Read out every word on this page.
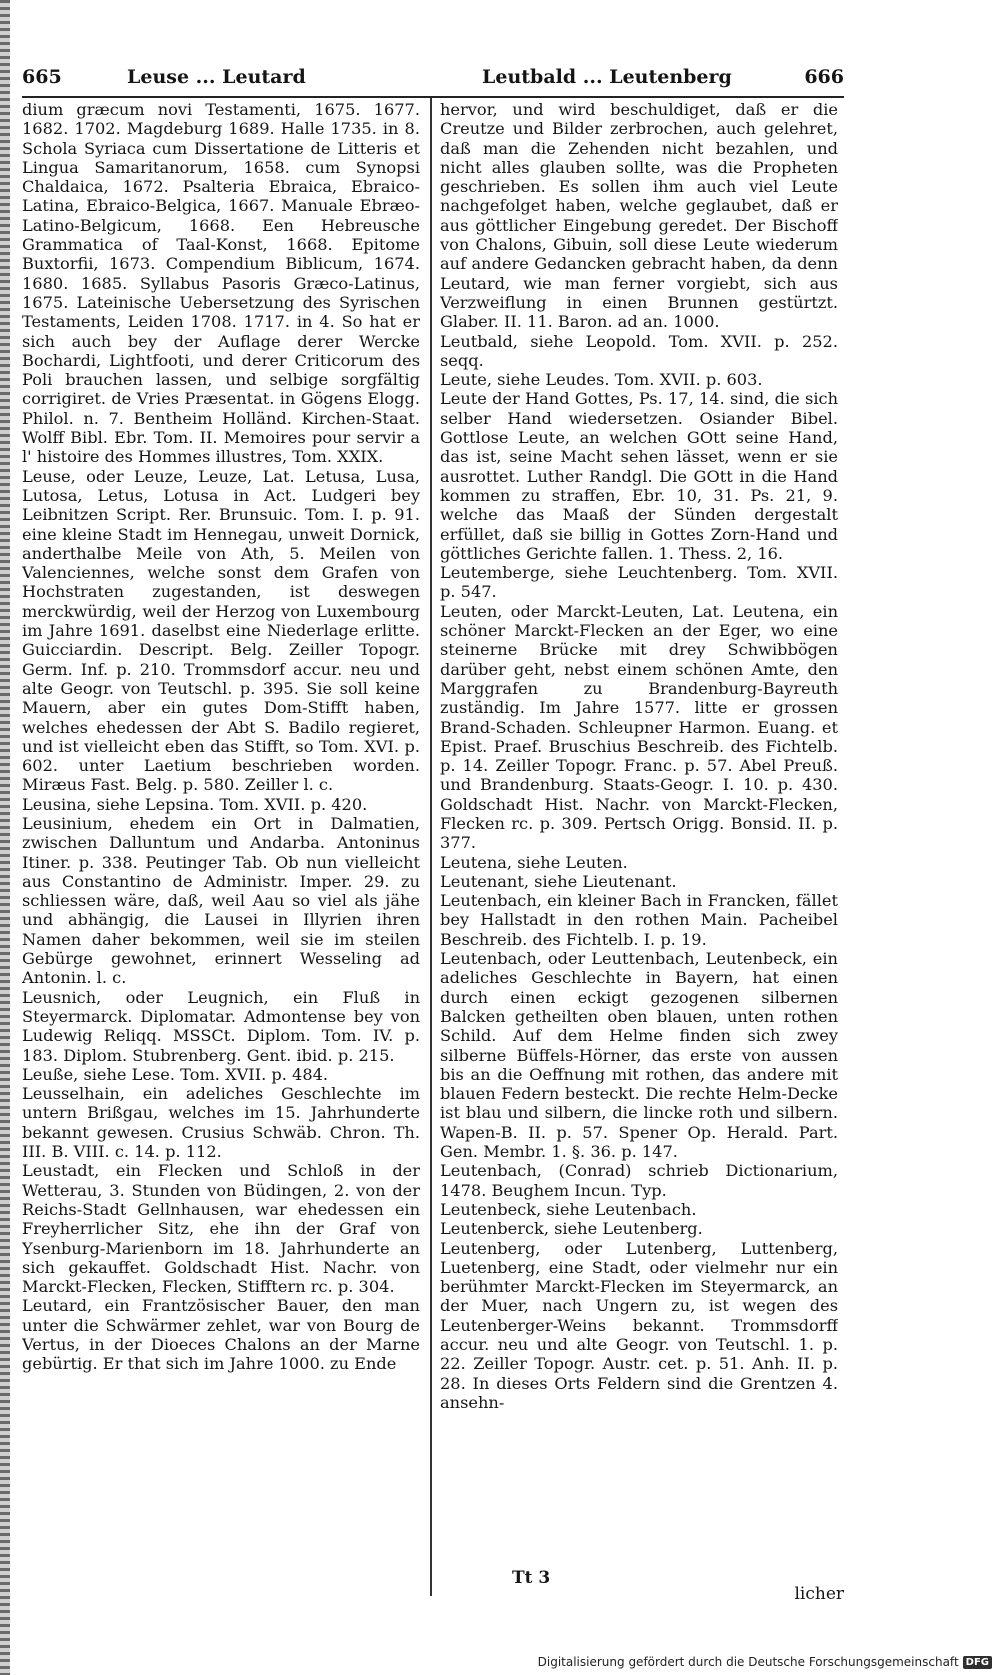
665	Leuse ... Leutard	Leutbald ... Leutenberg	666

dium græcum novi Testamenti, 1675. 1677. 1682. 1702. Magdeburg 1689. Halle 1735. in 8. Schola Syriaca cum Dissertatione de Litteris et Lingua Samaritanorum, 1658. cum Synopsi Chaldaica, 1672. Psalteria Ebraica, Ebraico-Latina, Ebraico-Belgica, 1667. Manuale Ebræo-Latino-Belgicum, 1668. Een Hebreusche Grammatica of Taal-Konst, 1668. Epitome Buxtorfii, 1673. Compendium Biblicum, 1674. 1680. 1685. Syllabus Pasoris Græco-Latinus, 1675. Lateinische Uebersetzung des Syrischen Testaments, Leiden 1708. 1717. in 4. So hat er sich auch bey der Auflage derer Wercke Bochardi, Lightfooti, und derer Criticorum des Poli brauchen lassen, und selbige sorgfältig corrigiret. de Vries Præsentat. in Gögens Elogg. Philol. n. 7. Bentheim Holländ. Kirchen-Staat. Wolff Bibl. Ebr. Tom. II. Memoires pour servir a l' histoire des Hommes illustres, Tom. XXIX.

Leuse, oder Leuze, Leuze, Lat. Letusa, Lusa, Lutosa, Letus, Lotusa in Act. Ludgeri bey Leibnitzen Script. Rer. Brunsuic. Tom. I. p. 91. eine kleine Stadt im Hennegau, unweit Dornick, anderthalbe Meile von Ath, 5. Meilen von Valenciennes, welche sonst dem Grafen von Hochstraten zugestanden, ist deswegen merckwürdig, weil der Herzog von Luxembourg im Jahre 1691. daselbst eine Niederlage erlitte. Guicciardin. Descript. Belg. Zeiller Topogr. Germ. Inf. p. 210. Trommsdorf accur. neu und alte Geogr. von Teutschl. p. 395. Sie soll keine Mauern, aber ein gutes Dom-Stifft haben, welches ehedessen der Abt S. Badilo regieret, und ist vielleicht eben das Stifft, so Tom. XVI. p. 602. unter Laetium beschrieben worden. Miræus Fast. Belg. p. 580. Zeiller l. c.

Leusina, siehe Lepsina. Tom. XVII. p. 420.

Leusinium, ehedem ein Ort in Dalmatien, zwischen Dalluntum und Andarba. Antoninus Itiner. p. 338. Peutinger Tab. Ob nun vielleicht aus Constantino de Administr. Imper. 29. zu schliessen wäre, daß, weil Aau so viel als jähe und abhängig, die Lausei in Illyrien ihren Namen daher bekommen, weil sie im steilen Gebürge gewohnet, erinnert Wesseling ad Antonin. l. c.

Leusnich, oder Leugnich, ein Fluß in Steyermarck. Diplomatar. Admontense bey von Ludewig Reliqq. MSSCt. Diplom. Tom. IV. p. 183. Diplom. Stubrenberg. Gent. ibid. p. 215.

Leuße, siehe Lese. Tom. XVII. p. 484.

Leusselhain, ein adeliches Geschlechte im untern Brißgau, welches im 15. Jahrhunderte bekannt gewesen. Crusius Schwäb. Chron. Th. III. B. VIII. c. 14. p. 112.

Leustadt, ein Flecken und Schloß in der Wetterau, 3. Stunden von Büdingen, 2. von der Reichs-Stadt Gellnhausen, war ehedessen ein Freyherrlicher Sitz, ehe ihn der Graf von Ysenburg-Marienborn im 18. Jahrhunderte an sich gekauffet. Goldschadt Hist. Nachr. von Marckt-Flecken, Flecken, Stifftern rc. p. 304.

Leutard, ein Frantzösischer Bauer, den man unter die Schwärmer zehlet, war von Bourg de Vertus, in der Dioeces Chalons an der Marne gebürtig. Er that sich im Jahre 1000. zu Ende

hervor, und wird beschuldiget, daß er die Creutze und Bilder zerbrochen, auch gelehret, daß man die Zehenden nicht bezahlen, und nicht alles glauben sollte, was die Propheten geschrieben. Es sollen ihm auch viel Leute nachgefolget haben, welche geglaubet, daß er aus göttlicher Eingebung geredet. Der Bischoff von Chalons, Gibuin, soll diese Leute wiederum auf andere Gedancken gebracht haben, da denn Leutard, wie man ferner vorgiebt, sich aus Verzweiflung in einen Brunnen gestürtzt. Glaber. II. 11. Baron. ad an. 1000.

Leutbald, siehe Leopold. Tom. XVII. p. 252. seqq.

Leute, siehe Leudes. Tom. XVII. p. 603.

Leute der Hand Gottes, Ps. 17, 14. sind, die sich selber Hand wiedersetzen. Osiander Bibel. Gottlose Leute, an welchen GOtt seine Hand, das ist, seine Macht sehen lässet, wenn er sie ausrottet. Luther Randgl. Die GOtt in die Hand kommen zu straffen, Ebr. 10, 31. Ps. 21, 9. welche das Maaß der Sünden dergestalt erfüllet, daß sie billig in Gottes Zorn-Hand und göttliches Gerichte fallen. 1. Thess. 2, 16.

Leutemberge, siehe Leuchtenberg. Tom. XVII. p. 547.

Leuten, oder Marckt-Leuten, Lat. Leutena, ein schöner Marckt-Flecken an der Eger, wo eine steinerne Brücke mit drey Schwibbögen darüber geht, nebst einem schönen Amte, den Marggrafen zu Brandenburg-Bayreuth zuständig. Im Jahre 1577. litte er grossen Brand-Schaden. Schleupner Harmon. Euang. et Epist. Praef. Bruschius Beschreib. des Fichtelb. p. 14. Zeiller Topogr. Franc. p. 57. Abel Preuß. und Brandenburg. Staats-Geogr. I. 10. p. 430. Goldschadt Hist. Nachr. von Marckt-Flecken, Flecken rc. p. 309. Pertsch Origg. Bonsid. II. p. 377.

Leutena, siehe Leuten.

Leutenant, siehe Lieutenant.

Leutenbach, ein kleiner Bach in Francken, fället bey Hallstadt in den rothen Main. Pacheibel Beschreib. des Fichtelb. I. p. 19.

Leutenbach, oder Leuttenbach, Leutenbeck, ein adeliches Geschlechte in Bayern, hat einen durch einen eckigt gezogenen silbernen Balcken getheilten oben blauen, unten rothen Schild. Auf dem Helme finden sich zwey silberne Büffels-Hörner, das erste von aussen bis an die Oeffnung mit rothen, das andere mit blauen Federn besteckt. Die rechte Helm-Decke ist blau und silbern, die lincke roth und silbern. Wapen-B. II. p. 57. Spener Op. Herald. Part. Gen. Membr. 1. §. 36. p. 147.

Leutenbach, (Conrad) schrieb Dictionarium, 1478. Beughem Incun. Typ.

Leutenbeck, siehe Leutenbach.

Leutenberck, siehe Leutenberg.

Leutenberg, oder Lutenberg, Luttenberg, Luetenberg, eine Stadt, oder vielmehr nur ein berühmter Marckt-Flecken im Steyermarck, an der Muer, nach Ungern zu, ist wegen des Leutenberger-Weins bekannt. Trommsdorff accur. neu und alte Geogr. von Teutschl. 1. p. 22. Zeiller Topogr. Austr. cet. p. 51. Anh. II. p. 28. In dieses Orts Feldern sind die Grentzen 4. ansehn-

Tt 3
licher
Digitalisierung gefördert durch die Deutsche Forschungsgemeinschaft DFG
